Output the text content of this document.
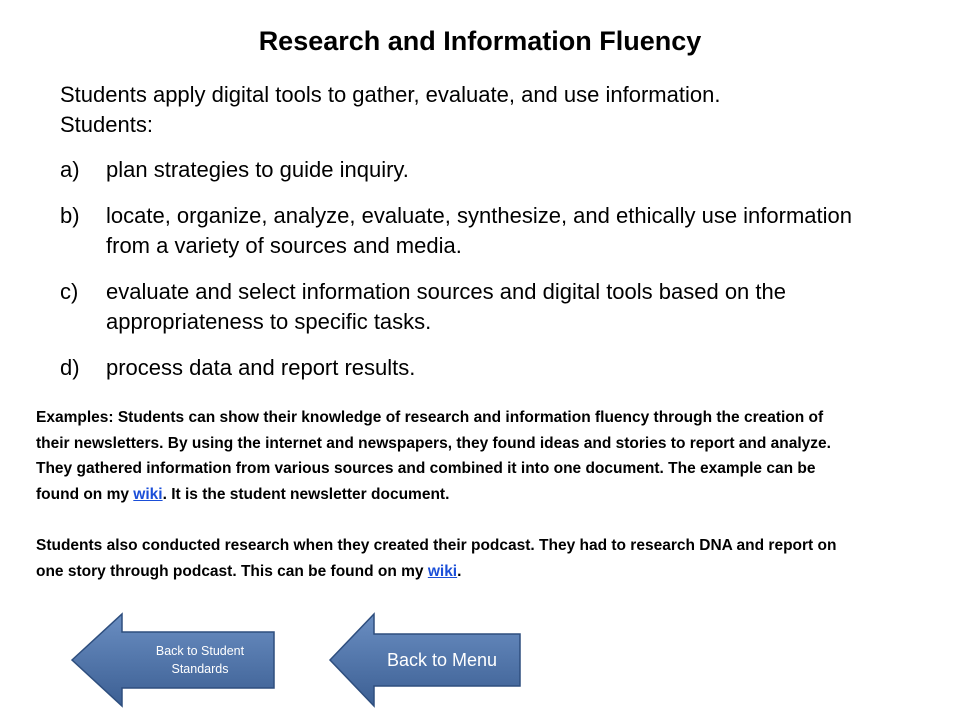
Research and Information Fluency
Students apply digital tools to gather, evaluate, and use information.
Students:
a) plan strategies to guide inquiry.
b) locate, organize, analyze, evaluate, synthesize, and ethically use information from a variety of sources and media.
c) evaluate and select information sources and digital tools based on the appropriateness to specific tasks.
d) process data and report results.

Examples: Students can show their knowledge of research and information fluency through the creation of their newsletters. By using the internet and newspapers, they found ideas and stories to report and analyze. They gathered information from various sources and combined it into one document. The example can be found on my wiki. It is the student newsletter document.

Students also conducted research when they created their podcast. They had to research DNA and report on one story through podcast. This can be found on my wiki.

Back to Student Standards	Back to Menu
